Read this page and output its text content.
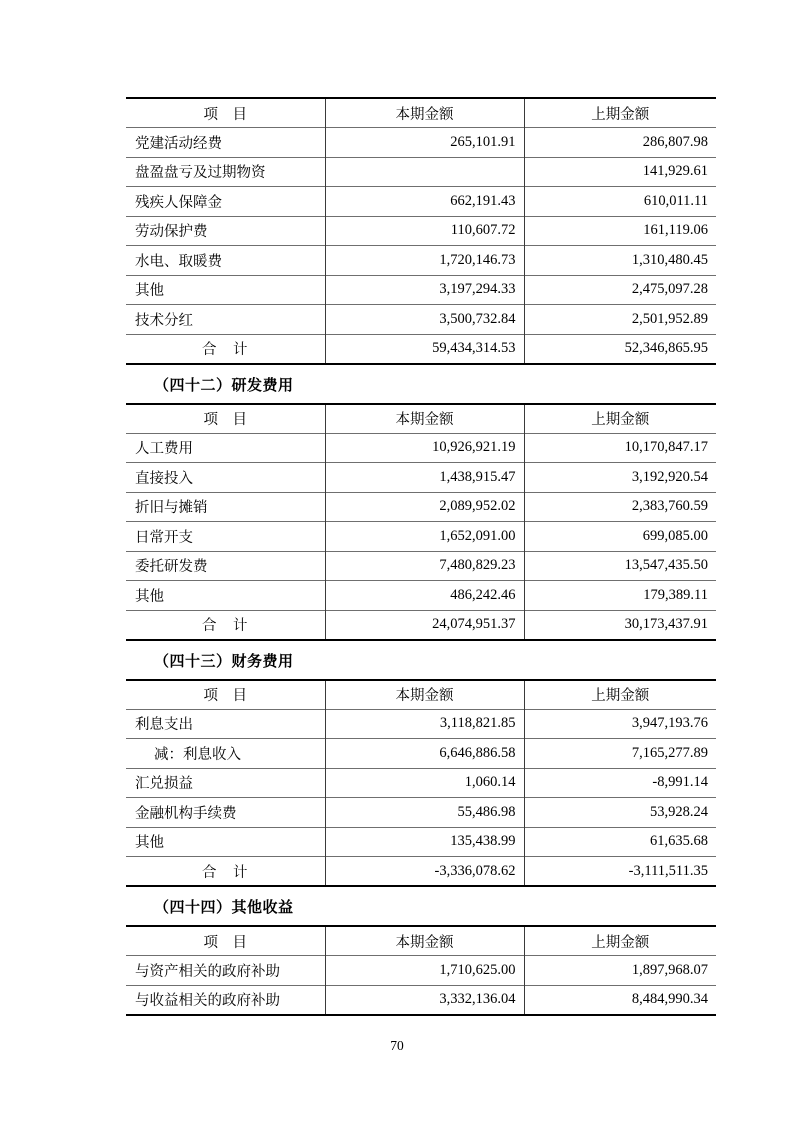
项　目	本期金额	上期金额
党建活动经费	265,101.91	286,807.98
盘盈盘亏及过期物资		141,929.61
残疾人保障金	662,191.43	610,011.11
劳动保护费	110,607.72	161,119.06
水电、取暖费	1,720,146.73	1,310,480.45
其他	3,197,294.33	2,475,097.28
技术分红	3,500,732.84	2,501,952.89
合　计	59,434,314.53	52,346,865.95
（四十二）研发费用
项　目	本期金额	上期金额
人工费用	10,926,921.19	10,170,847.17
直接投入	1,438,915.47	3,192,920.54
折旧与摊销	2,089,952.02	2,383,760.59
日常开支	1,652,091.00	699,085.00
委托研发费	7,480,829.23	13,547,435.50
其他	486,242.46	179,389.11
合　计	24,074,951.37	30,173,437.91
（四十三）财务费用
项　目	本期金额	上期金额
利息支出	3,118,821.85	3,947,193.76
减：利息收入	6,646,886.58	7,165,277.89
汇兑损益	1,060.14	-8,991.14
金融机构手续费	55,486.98	53,928.24
其他	135,438.99	61,635.68
合　计	-3,336,078.62	-3,111,511.35
（四十四）其他收益
项　目	本期金额	上期金额
与资产相关的政府补助	1,710,625.00	1,897,968.07
与收益相关的政府补助	3,332,136.04	8,484,990.34
70
